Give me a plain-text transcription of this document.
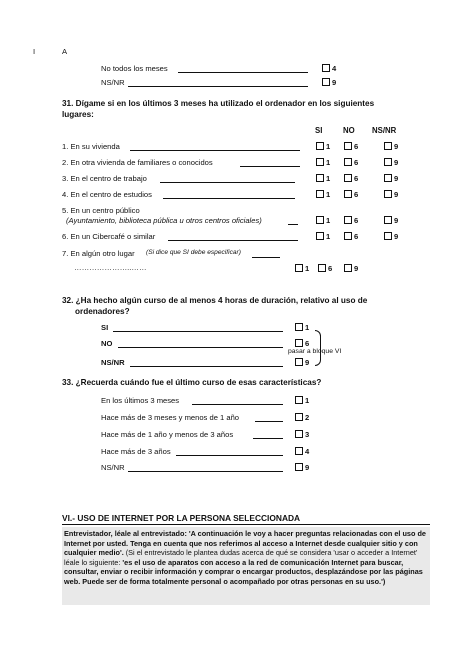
I	A
No todos los meses	4
NS/NR	9
31. Dígame si en los últimos 3 meses ha utilizado el ordenador en los siguientes
lugares:
SI	NO NS/NR
1. En su vivienda	1	6	9
2. En otra vivienda de familiares o conocidos	1	6	9
3. En el centro de trabajo	1	6	9
4. En el centro de estudios	1	6	9
5. En un centro público
(Ayuntamiento, biblioteca pública u otros centros oficiales)	1	6	9
6. En un Cibercafé o similar	1	6	9
7. En algún otro lugar (Si dice que SI debe especificar)
…………………..……	1 6	9
32. ¿Ha hecho algún curso de al menos 4 horas de duración, relativo al uso de
ordenadores?
SI	1
NO	6
pasar a bloque VI
NS/NR	9
33. ¿Recuerda cuándo fue el último curso de esas características?
En los últimos 3 meses	1
Hace más de 3 meses y menos de 1 año	2
Hace más de 1 año y menos de 3 años	3
Hace más de 3 años	4
NS/NR	9
VI.- USO DE INTERNET POR LA PERSONA SELECCIONADA
Entrevistador, léale al entrevistado: 'A continuación le voy a hacer preguntas relacionadas con el uso de Internet por usted. Tenga en cuenta que nos referimos al acceso a Internet desde cualquier sitio y con cualquier medio'. (Si el entrevistado le plantea dudas acerca de qué se considera 'usar o acceder a Internet' léale lo siguiente: 'es el uso de aparatos con acceso a la red de comunicación Internet para buscar, consultar, enviar o recibir información y comprar o encargar productos, desplazándose por las páginas web. Puede ser de forma totalmente personal o acompañado por otras personas en su uso.')
